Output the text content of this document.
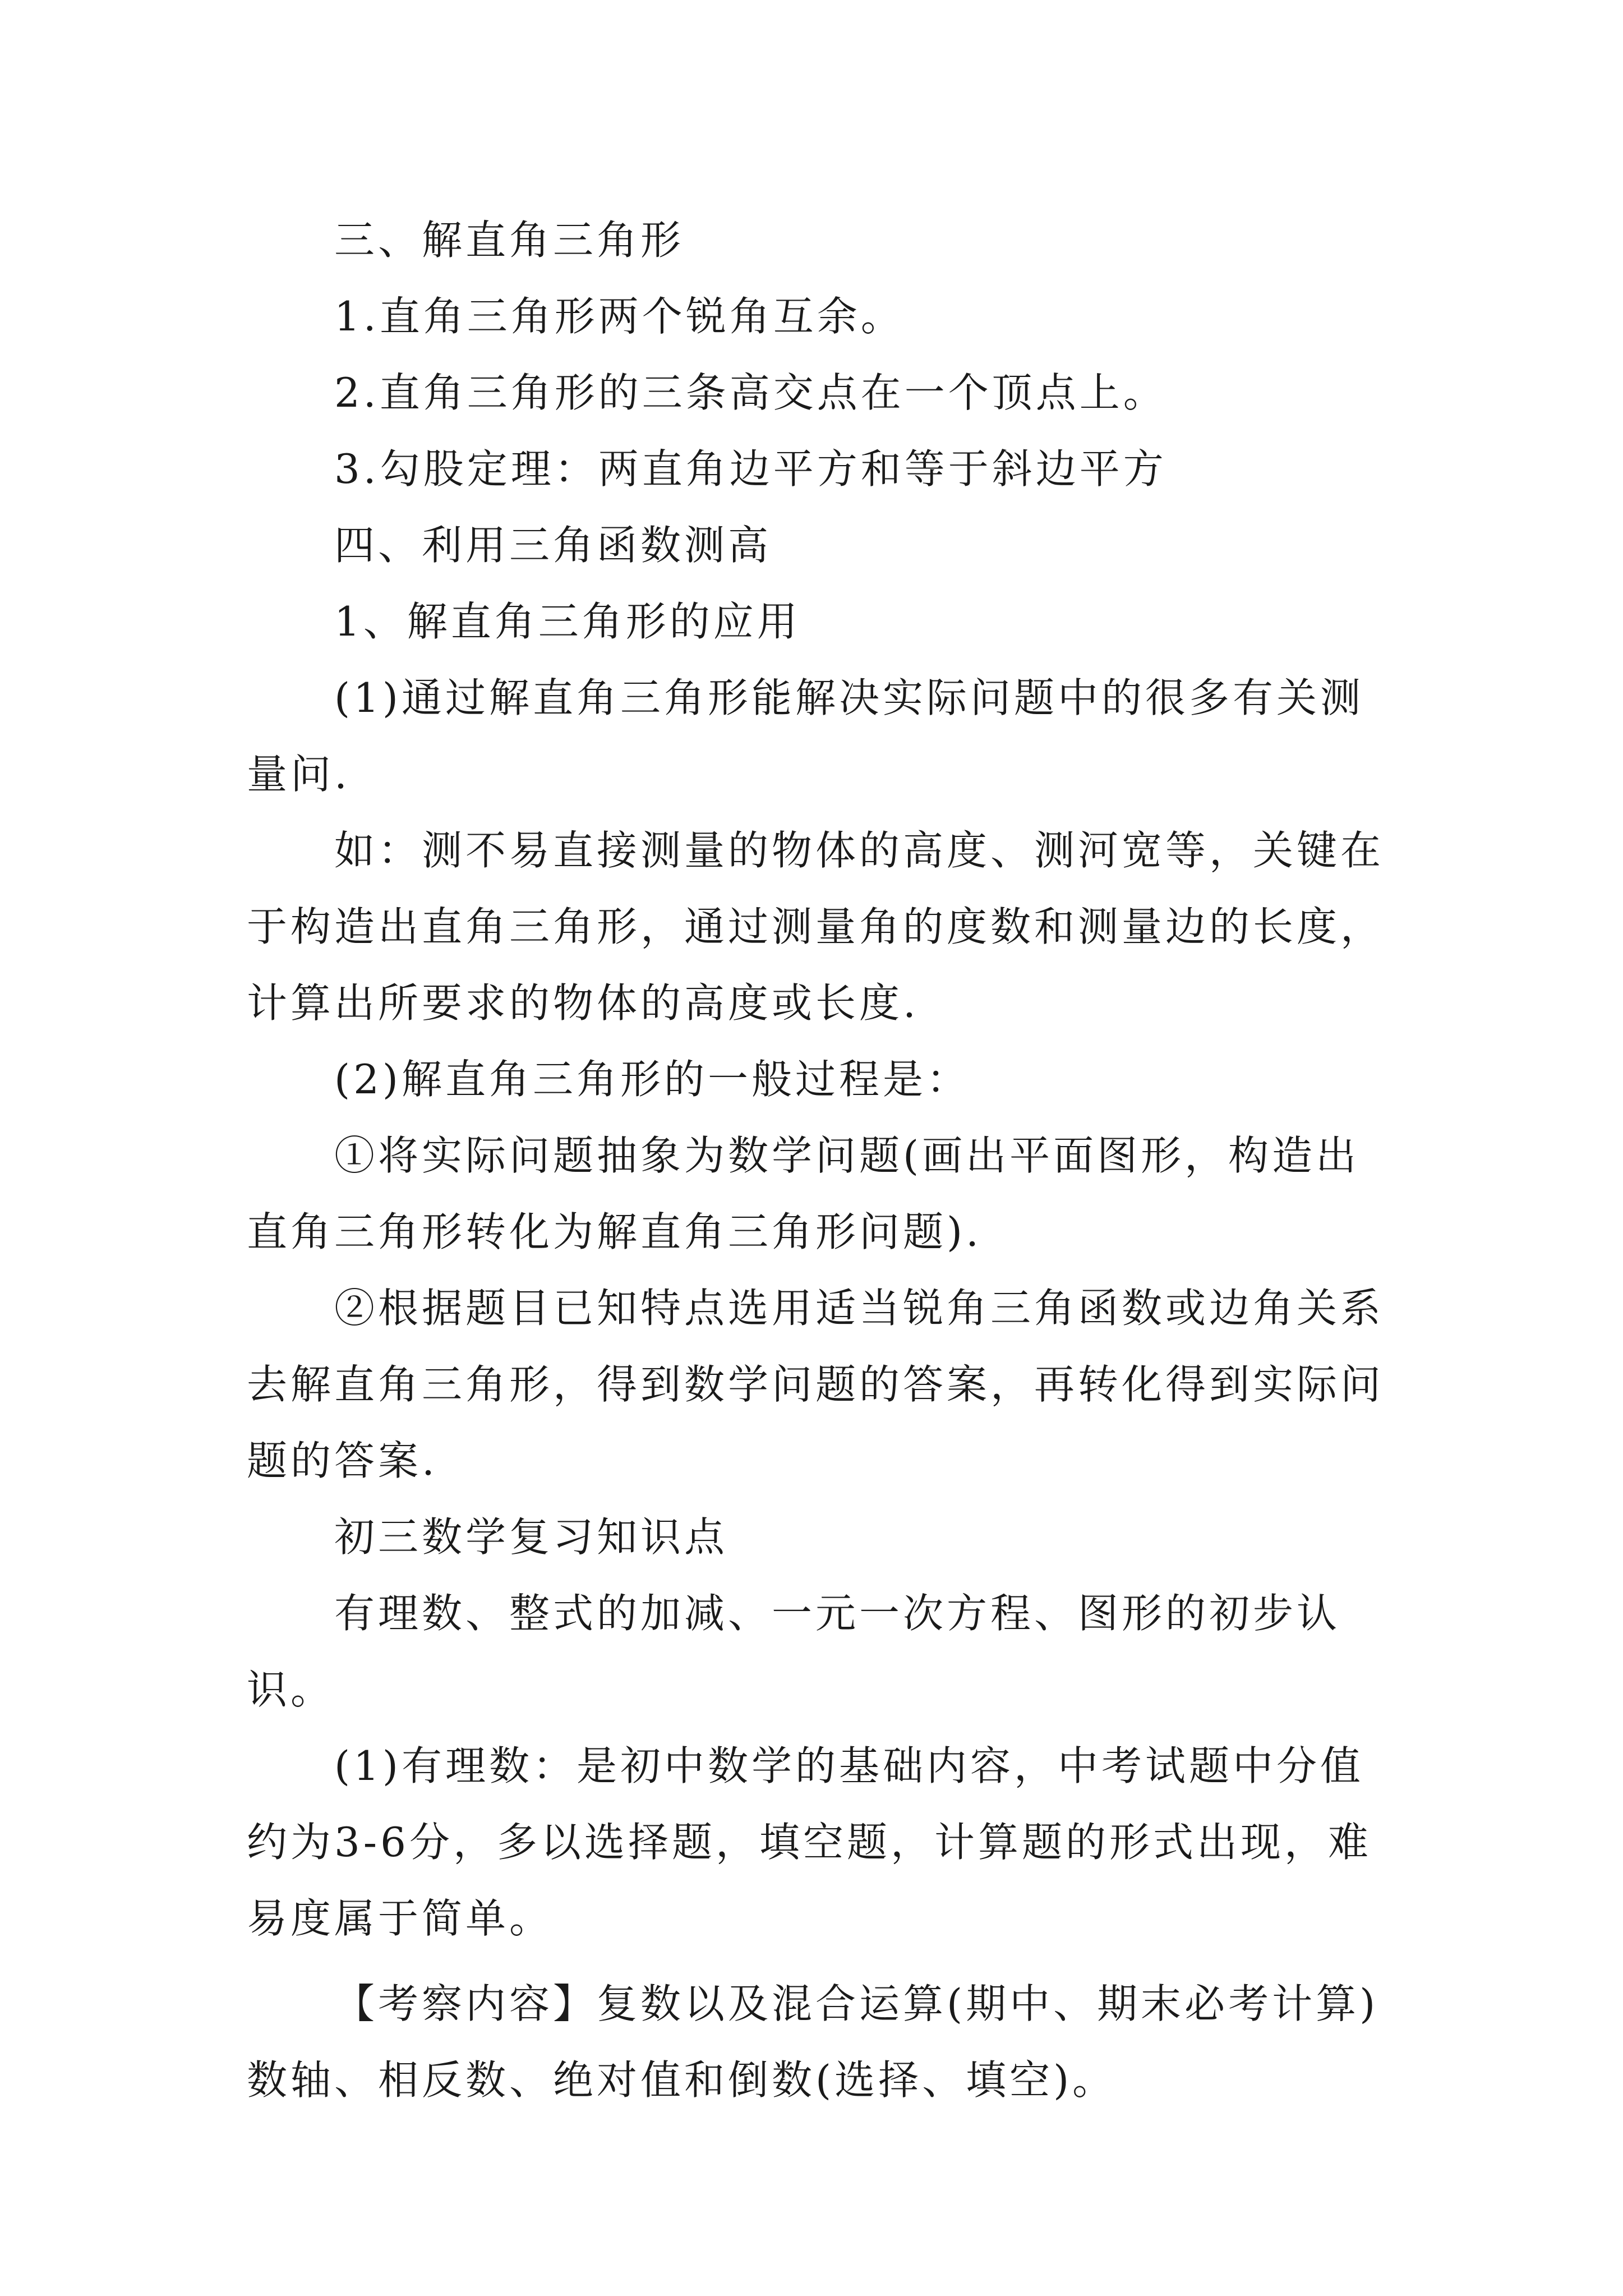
三、解直角三角形

1.直角三角形两个锐角互余。

2.直角三角形的三条高交点在一个顶点上。

3.勾股定理：两直角边平方和等于斜边平方

四、利用三角函数测高

1、解直角三角形的应用

(1)通过解直角三角形能解决实际问题中的很多有关测量问.

如：测不易直接测量的物体的高度、测河宽等，关键在于构造出直角三角形，通过测量角的度数和测量边的长度，计算出所要求的物体的高度或长度.

(2)解直角三角形的一般过程是：

①将实际问题抽象为数学问题(画出平面图形，构造出直角三角形转化为解直角三角形问题).

②根据题目已知特点选用适当锐角三角函数或边角关系去解直角三角形，得到数学问题的答案，再转化得到实际问题的答案.

初三数学复习知识点

有理数、整式的加减、一元一次方程、图形的初步认识。

(1)有理数：是初中数学的基础内容，中考试题中分值约为3-6分，多以选择题，填空题，计算题的形式出现，难易度属于简单。

【考察内容】复数以及混合运算(期中、期末必考计算)数轴、相反数、绝对值和倒数(选择、填空)。
